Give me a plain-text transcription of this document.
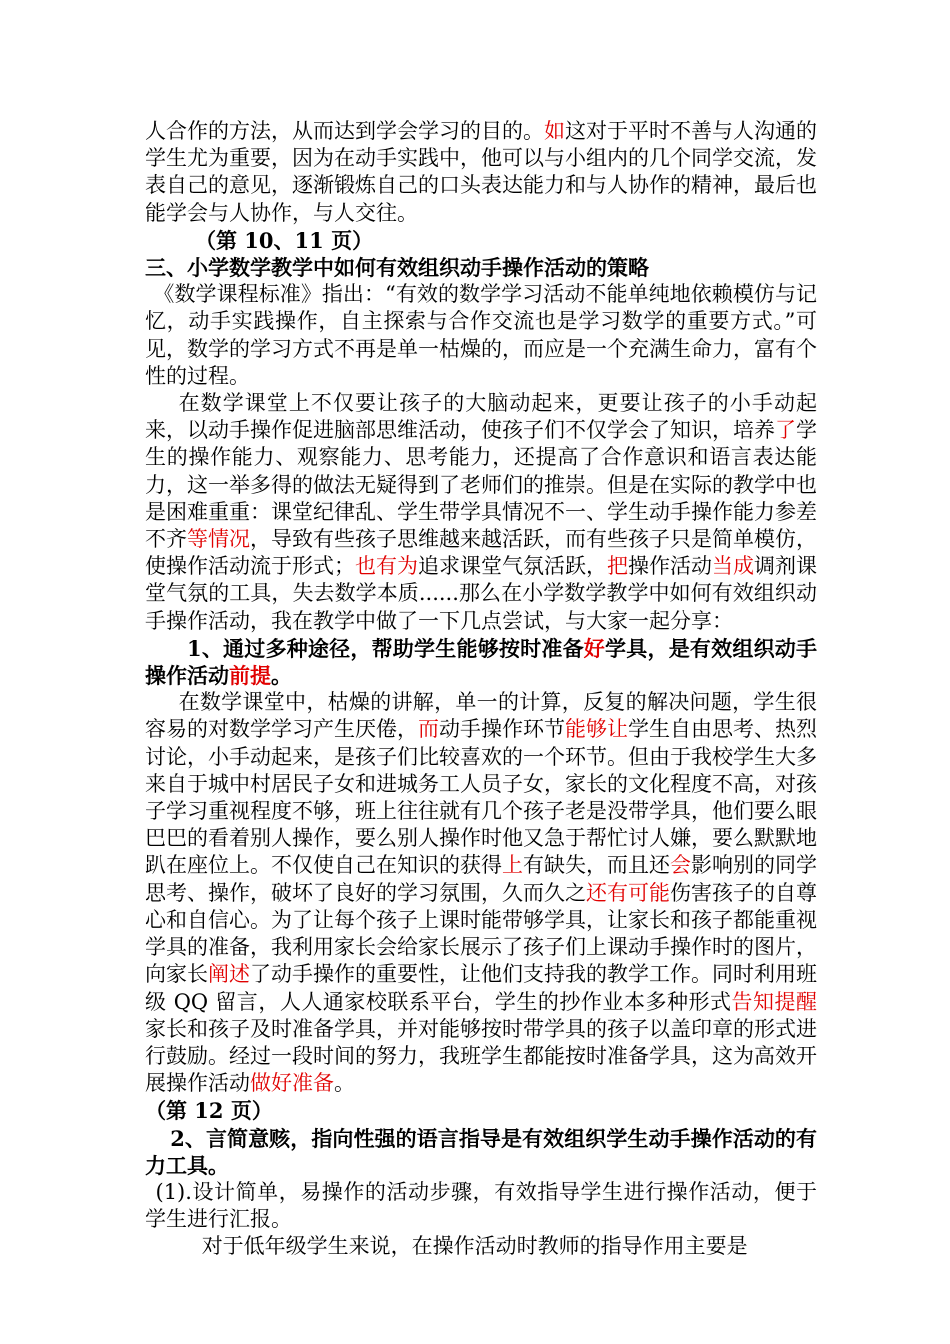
人合作的方法，从而达到学会学习的目的。如这对于平时不善与人沟通的学生尤为重要，因为在动手实践中，他可以与小组内的几个同学交流，发表自己的意见，逐渐锻炼自己的口头表达能力和与人协作的精神，最后也能学会与人协作，与人交往。

（第 10、11 页）

三、小学数学教学中如何有效组织动手操作活动的策略

《数学课程标准》指出：“有效的数学学习活动不能单纯地依赖模仿与记忆，动手实践操作，自主探索与合作交流也是学习数学的重要方式。”可见，数学的学习方式不再是单一枯燥的，而应是一个充满生命力，富有个性的过程。

在数学课堂上不仅要让孩子的大脑动起来，更要让孩子的小手动起来，以动手操作促进脑部思维活动，使孩子们不仅学会了知识，培养了学生的操作能力、观察能力、思考能力，还提高了合作意识和语言表达能力，这一举多得的做法无疑得到了老师们的推崇。但是在实际的教学中也是困难重重：课堂纪律乱、学生带学具情况不一、学生动手操作能力参差不齐等情况，导致有些孩子思维越来越活跃，而有些孩子只是简单模仿，使操作活动流于形式；也有为追求课堂气氛活跃，把操作活动当成调剂课堂气氛的工具，失去数学本质......那么在小学数学教学中如何有效组织动手操作活动，我在教学中做了一下几点尝试，与大家一起分享：

1、通过多种途径，帮助学生能够按时准备好学具，是有效组织动手操作活动前提。

在数学课堂中，枯燥的讲解，单一的计算，反复的解决问题，学生很容易的对数学学习产生厌倦，而动手操作环节能够让学生自由思考、热烈讨论，小手动起来，是孩子们比较喜欢的一个环节。但由于我校学生大多来自于城中村居民子女和进城务工人员子女，家长的文化程度不高，对孩子学习重视程度不够，班上往往就有几个孩子老是没带学具，他们要么眼巴巴的看着别人操作，要么别人操作时他又急于帮忙讨人嫌，要么默默地趴在座位上。不仅使自己在知识的获得上有缺失，而且还会影响别的同学思考、操作，破坏了良好的学习氛围，久而久之还有可能伤害孩子的自尊心和自信心。为了让每个孩子上课时能带够学具，让家长和孩子都能重视学具的准备，我利用家长会给家长展示了孩子们上课动手操作时的图片，向家长阐述了动手操作的重要性，让他们支持我的教学工作。同时利用班级 QQ 留言，人人通家校联系平台，学生的抄作业本多种形式告知提醒家长和孩子及时准备学具，并对能够按时带学具的孩子以盖印章的形式进行鼓励。经过一段时间的努力，我班学生都能按时准备学具，这为高效开展操作活动做好准备。

（第 12 页）

2、言简意赅，指向性强的语言指导是有效组织学生动手操作活动的有力工具。

(1).设计简单，易操作的活动步骤，有效指导学生进行操作活动，便于学生进行汇报。

对于低年级学生来说，在操作活动时教师的指导作用主要是
